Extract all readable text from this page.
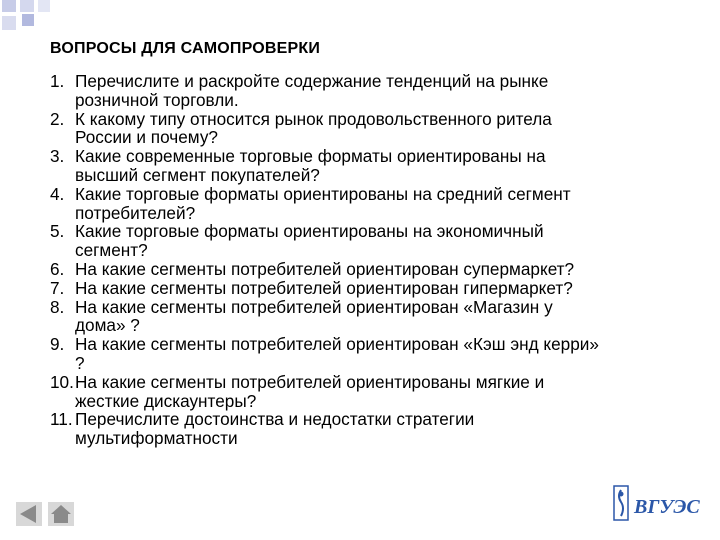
ВОПРОСЫ ДЛЯ САМОПРОВЕРКИ
1. Перечислите и раскройте содержание тенденций на рынке
розничной торговли.
2. К какому типу относится рынок продовольственного ритела
России и почему?
3. Какие современные торговые форматы ориентированы на
высший сегмент покупателей?
4. Какие торговые форматы ориентированы на средний сегмент
потребителей?
5. Какие торговые форматы ориентированы на экономичный
сегмент?
6. На какие сегменты потребителей ориентирован супермаркет?
7. На какие сегменты потребителей ориентирован гипермаркет?
8. На какие сегменты потребителей ориентирован «Магазин у
дома» ?
9. На какие сегменты потребителей ориентирован «Кэш энд керри»
?
10. На какие сегменты потребителей ориентированы мягкие и
жесткие дискаунтеры?
11. Перечислите достоинства и недостатки стратегии
мультиформатности
ВГУЭС
